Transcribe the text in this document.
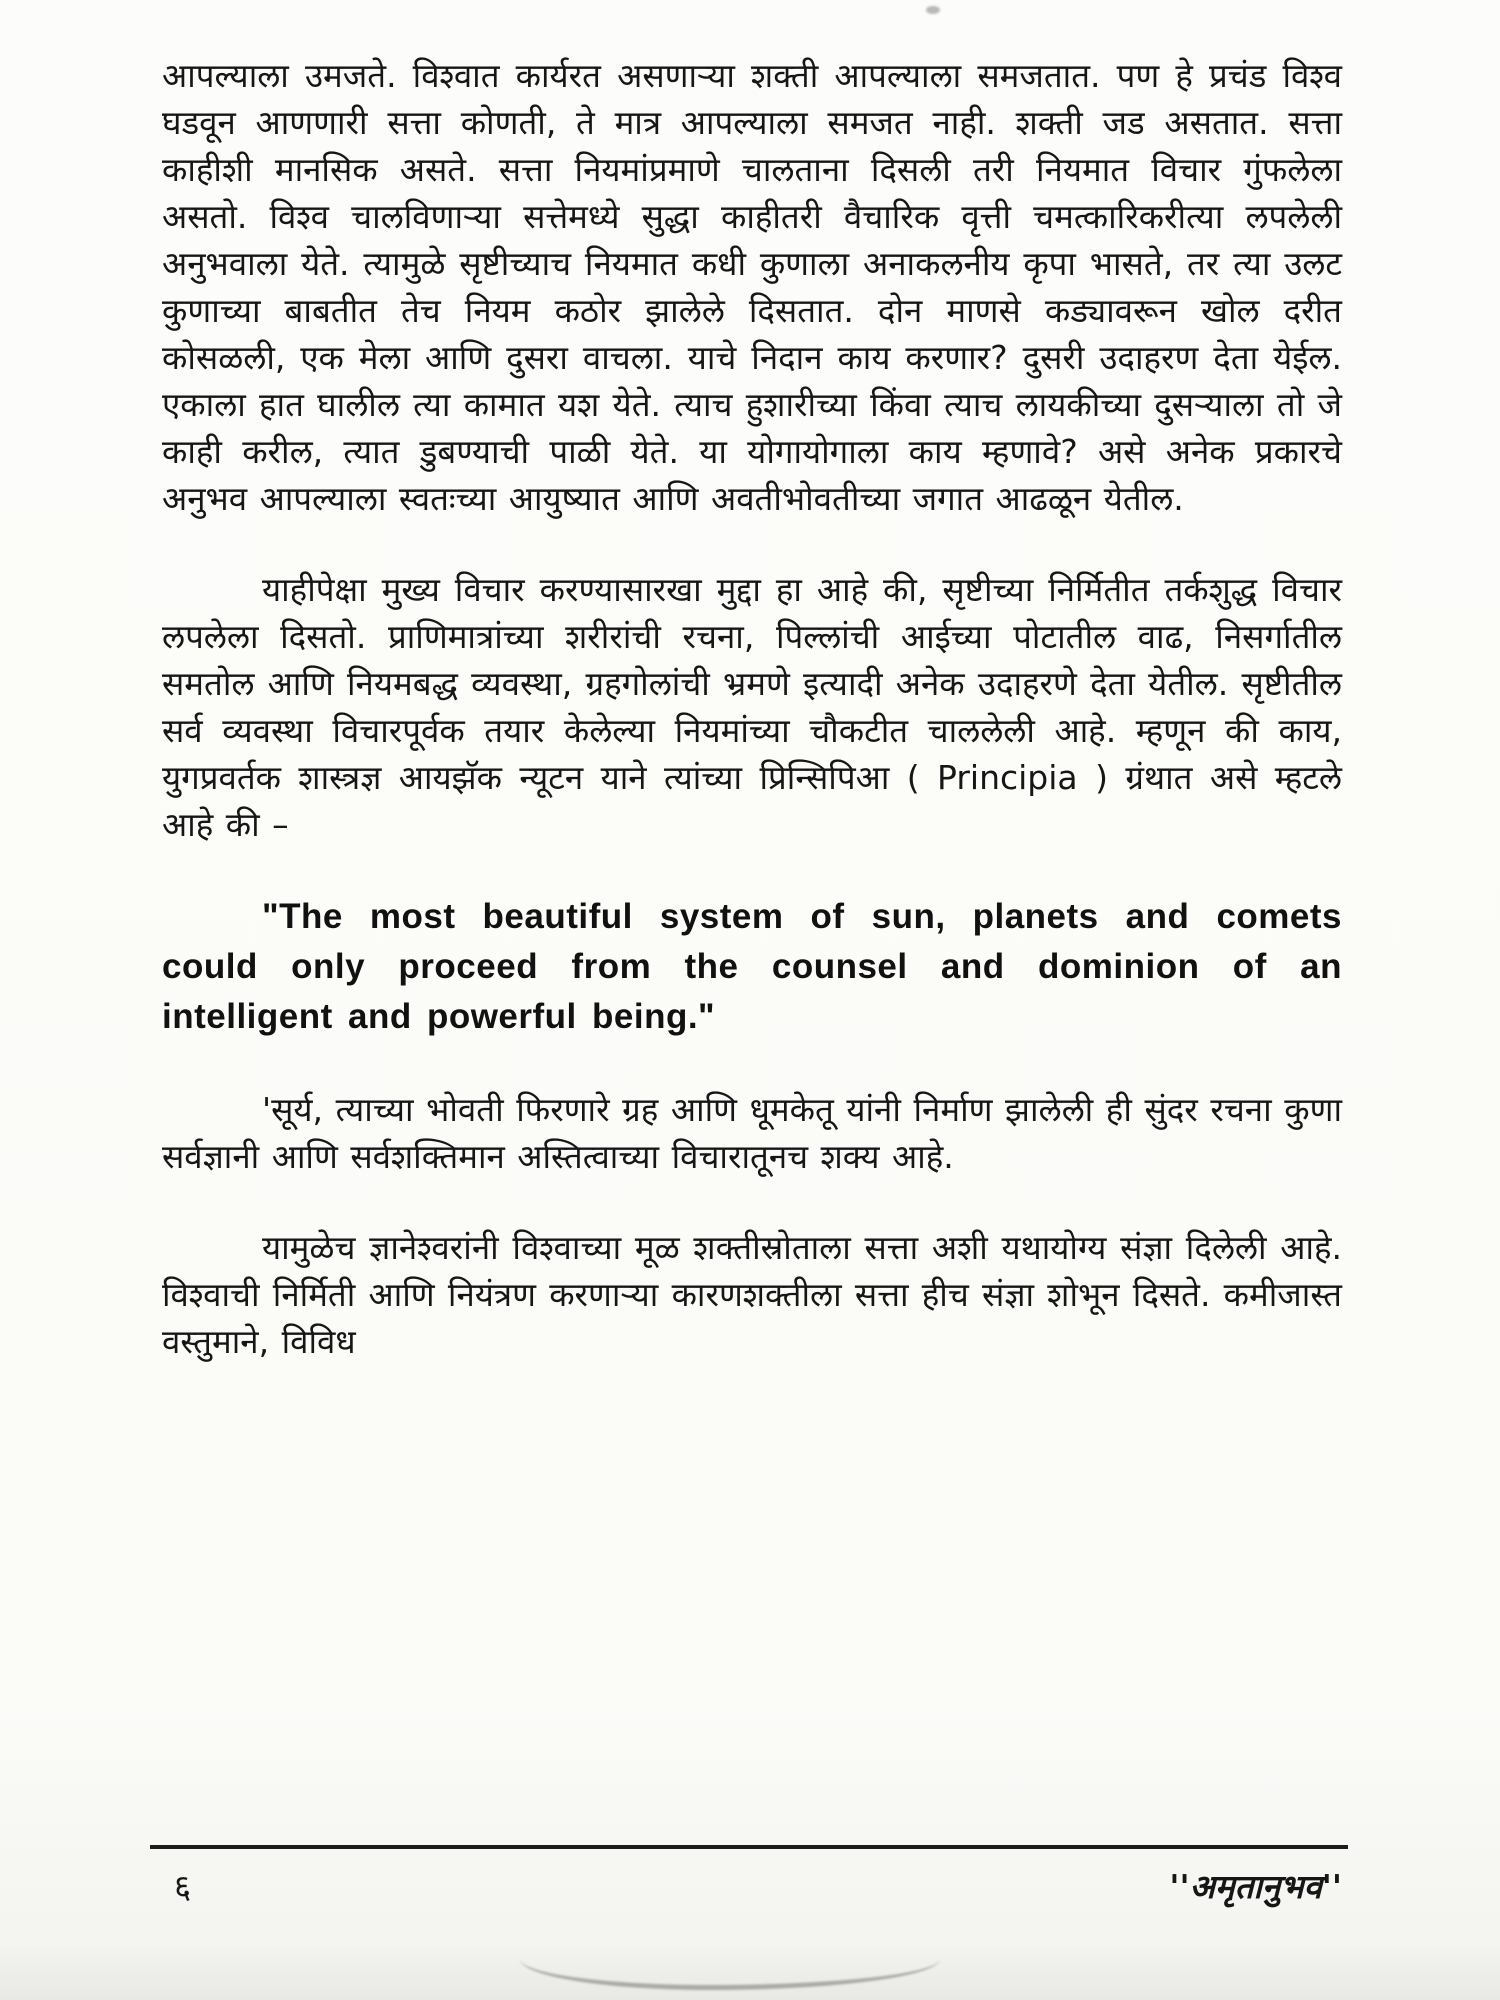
आपल्याला उमजते. विश्वात कार्यरत असणाऱ्या शक्ती आपल्याला समजतात. पण हे प्रचंड विश्व घडवून आणणारी सत्ता कोणती, ते मात्र आपल्याला समजत नाही. शक्ती जड असतात. सत्ता काहीशी मानसिक असते. सत्ता नियमांप्रमाणे चालताना दिसली तरी नियमात विचार गुंफलेला असतो. विश्व चालविणाऱ्या सत्तेमध्ये सुद्धा काहीतरी वैचारिक वृत्ती चमत्कारिकरीत्या लपलेली अनुभवाला येते. त्यामुळे सृष्टीच्याच नियमात कधी कुणाला अनाकलनीय कृपा भासते, तर त्या उलट कुणाच्या बाबतीत तेच नियम कठोर झालेले दिसतात. दोन माणसे कड्यावरून खोल दरीत कोसळली, एक मेला आणि दुसरा वाचला. याचे निदान काय करणार? दुसरी उदाहरण देता येईल. एकाला हात घालील त्या कामात यश येते. त्याच हुशारीच्या किंवा त्याच लायकीच्या दुसऱ्याला तो जे काही करील, त्यात डुबण्याची पाळी येते. या योगायोगाला काय म्हणावे? असे अनेक प्रकारचे अनुभव आपल्याला स्वतःच्या आयुष्यात आणि अवतीभोवतीच्या जगात आढळून येतील.

याहीपेक्षा मुख्य विचार करण्यासारखा मुद्दा हा आहे की, सृष्टीच्या निर्मितीत तर्कशुद्ध विचार लपलेला दिसतो. प्राणिमात्रांच्या शरीरांची रचना, पिल्लांची आईच्या पोटातील वाढ, निसर्गातील समतोल आणि नियमबद्ध व्यवस्था, ग्रहगोलांची भ्रमणे इत्यादी अनेक उदाहरणे देता येतील. सृष्टीतील सर्व व्यवस्था विचारपूर्वक तयार केलेल्या नियमांच्या चौकटीत चाललेली आहे. म्हणून की काय, युगप्रवर्तक शास्त्रज्ञ आयझॅक न्यूटन याने त्यांच्या प्रिन्सिपिआ ( Principia ) ग्रंथात असे म्हटले आहे की –

"The most beautiful system of sun, planets and comets could only proceed from the counsel and dominion of an intelligent and powerful being."

'सूर्य, त्याच्या भोवती फिरणारे ग्रह आणि धूमकेतू यांनी निर्माण झालेली ही सुंदर रचना कुणा सर्वज्ञानी आणि सर्वशक्तिमान अस्तित्वाच्या विचारातूनच शक्य आहे.

यामुळेच ज्ञानेश्वरांनी विश्वाच्या मूळ शक्तीस्रोताला सत्ता अशी यथायोग्य संज्ञा दिलेली आहे. विश्वाची निर्मिती आणि नियंत्रण करणाऱ्या कारणशक्तीला सत्ता हीच संज्ञा शोभून दिसते. कमीजास्त वस्तुमाने, विविध

६	''अमृतानुभव''
